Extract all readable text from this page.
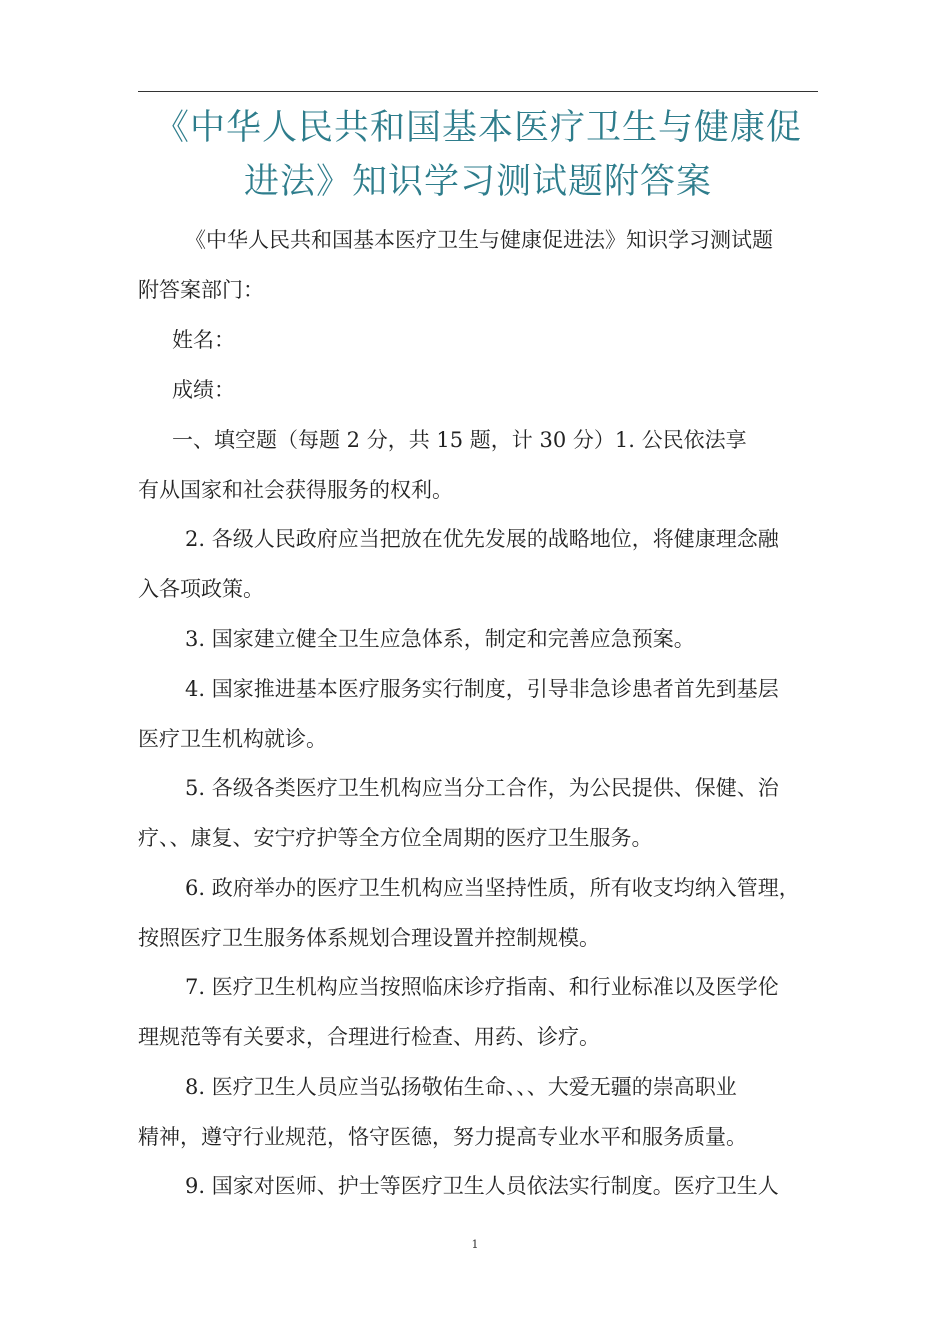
《中华人民共和国基本医疗卫生与健康促
进法》知识学习测试题附答案
《中华人民共和国基本医疗卫生与健康促进法》知识学习测试题
附答案部门：
姓名：
成绩：
一、填空题（每题 2 分，共 15 题，计 30 分）1. 公民依法享
有从国家和社会获得服务的权利。
2. 各级人民政府应当把放在优先发展的战略地位，将健康理念融
入各项政策。
3. 国家建立健全卫生应急体系，制定和完善应急预案。
4. 国家推进基本医疗服务实行制度，引导非急诊患者首先到基层
医疗卫生机构就诊。
5. 各级各类医疗卫生机构应当分工合作，为公民提供、保健、治
疗、、康复、安宁疗护等全方位全周期的医疗卫生服务。
6. 政府举办的医疗卫生机构应当坚持性质，所有收支均纳入管理，
按照医疗卫生服务体系规划合理设置并控制规模。
7. 医疗卫生机构应当按照临床诊疗指南、和行业标准以及医学伦
理规范等有关要求，合理进行检查、用药、诊疗。
8. 医疗卫生人员应当弘扬敬佑生命、、、大爱无疆的崇高职业
精神，遵守行业规范，恪守医德，努力提高专业水平和服务质量。
9. 国家对医师、护士等医疗卫生人员依法实行制度。医疗卫生人
1
